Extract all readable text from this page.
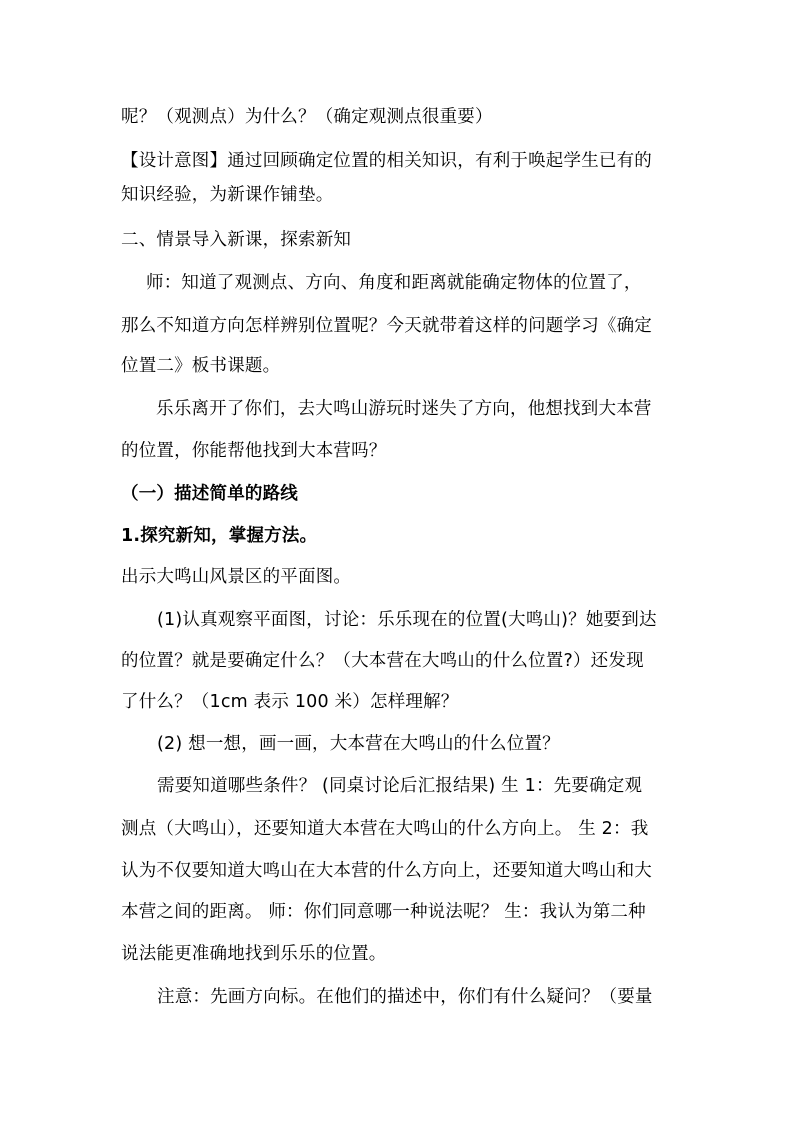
呢？（观测点）为什么？（确定观测点很重要）
【设计意图】通过回顾确定位置的相关知识，有利于唤起学生已有的
知识经验，为新课作铺垫。
二、情景导入新课，探索新知
师：知道了观测点、方向、角度和距离就能确定物体的位置了，
那么不知道方向怎样辨别位置呢？今天就带着这样的问题学习《确定
位置二》板书课题。
乐乐离开了你们，去大鸣山游玩时迷失了方向，他想找到大本营
的位置，你能帮他找到大本营吗？
（一）描述简单的路线
1.探究新知，掌握方法。
出示大鸣山风景区的平面图。
(1)认真观察平面图，讨论：乐乐现在的位置(大鸣山)？她要到达
的位置？就是要确定什么？（大本营在大鸣山的什么位置?）还发现
了什么？（1cm 表示 100 米）怎样理解？
(2) 想一想，画一画，大本营在大鸣山的什么位置？
需要知道哪些条件？ (同桌讨论后汇报结果) 生 1：先要确定观
测点（大鸣山），还要知道大本营在大鸣山的什么方向上。 生 2：我
认为不仅要知道大鸣山在大本营的什么方向上，还要知道大鸣山和大
本营之间的距离。 师：你们同意哪一种说法呢？ 生：我认为第二种
说法能更准确地找到乐乐的位置。
注意：先画方向标。在他们的描述中，你们有什么疑问？（要量
